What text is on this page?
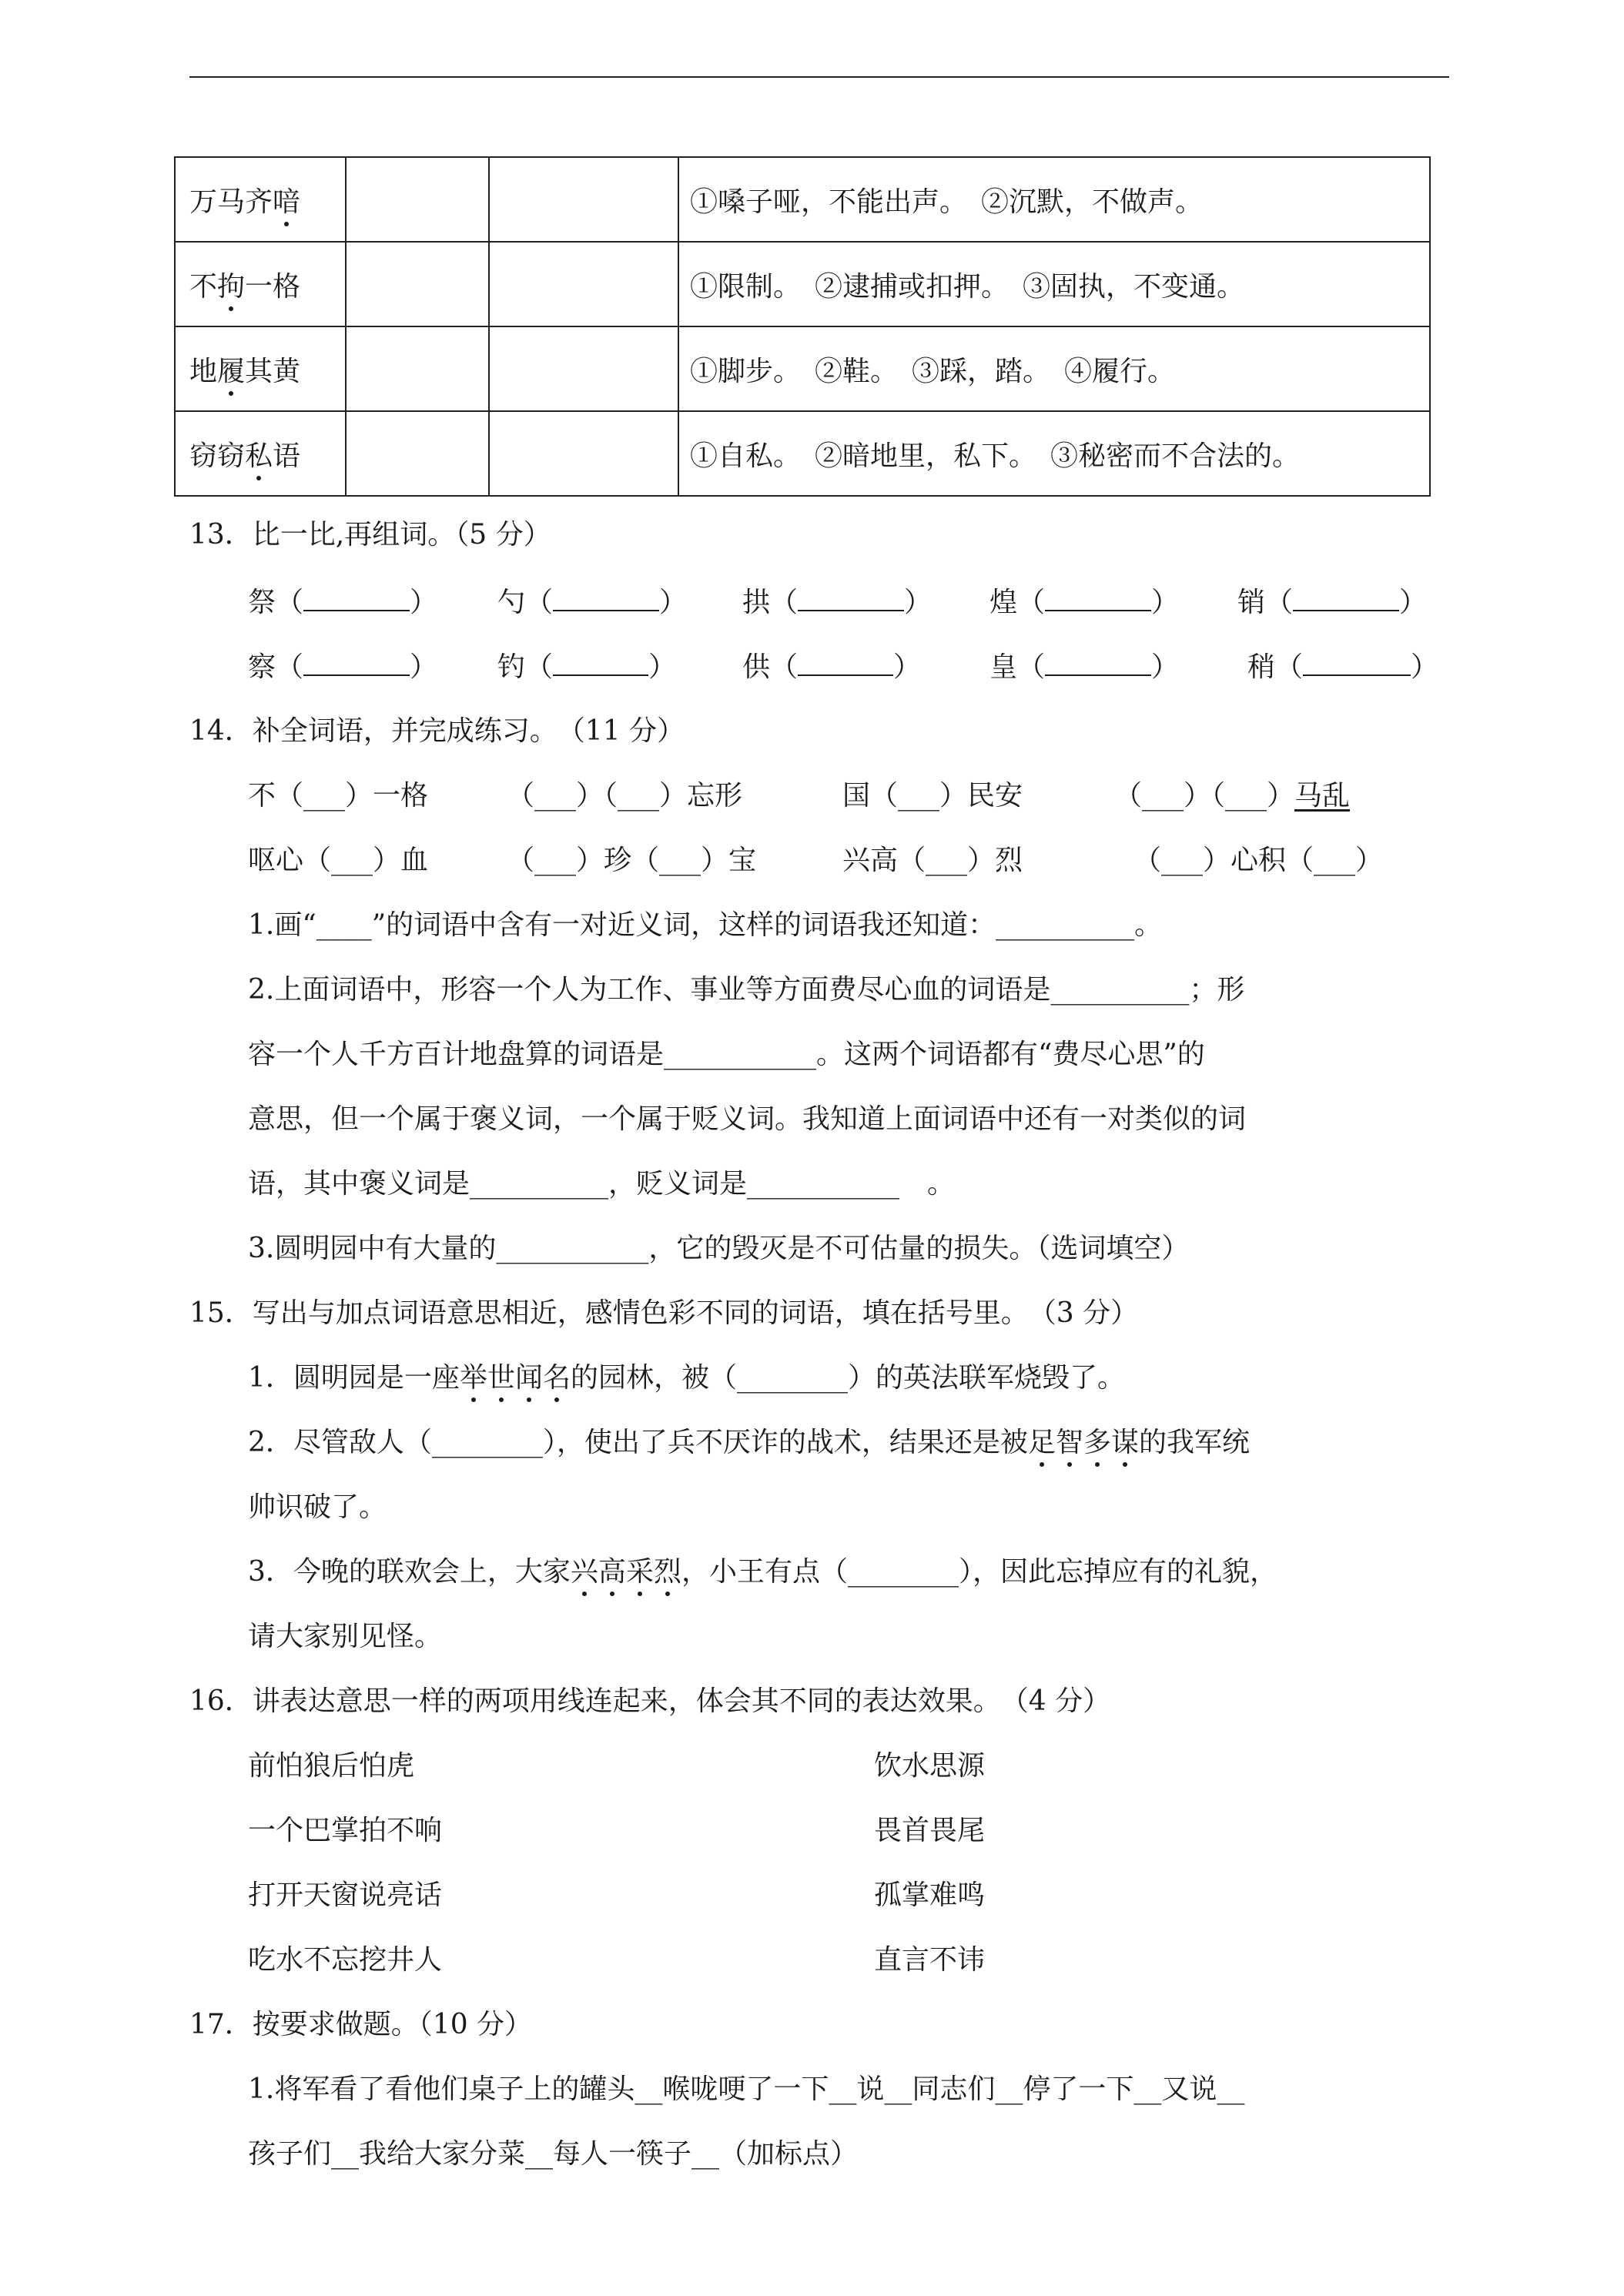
万马齐喑			①嗓子哑，不能出声。　②沉默，不做声。
不拘一格			①限制。　②逮捕或扣押。　③固执，不变通。
地履其黄			①脚步。　②鞋。　③踩，踏。　④履行。
窃窃私语			①自私。　②暗地里，私下。　③秘密而不合法的。
13．比一比,再组词。（5 分）
祭（	） 勺（	） 拱（	） 煌（	） 销（	）
察（	） 钓（	） 供（	） 皇（	） 稍（	）
14．补全词语，并完成练习。　（11 分）
不（___）一格	（___）（___）忘形	国（___）民安	（___）（___）马乱
呕心（___）血	（___）珍（___）宝	兴高（___）烈	（___）心积（___）
1.画“____”的词语中含有一对近义词，这样的词语我还知道：__________。
2.上面词语中，形容一个人为工作、事业等方面费尽心血的词语是__________；形
容一个人千方百计地盘算的词语是___________。这两个词语都有“费尽心思”的
意思，但一个属于褒义词，一个属于贬义词。我知道上面词语中还有一对类似的词
语，其中褒义词是__________，贬义词是___________　。
3.圆明园中有大量的___________，它的毁灭是不可估量的损失。（选词填空）
15．写出与加点词语意思相近，感情色彩不同的词语，填在括号里。　（3 分）
1．圆明园是一座举世闻名的园林，被（________）的英法联军烧毁了。
2．尽管敌人（________），使出了兵不厌诈的战术，结果还是被足智多谋的我军统
帅识破了。
3．今晚的联欢会上，大家兴高采烈，小王有点（________），因此忘掉应有的礼貌，
请大家别见怪。
16．讲表达意思一样的两项用线连起来，体会其不同的表达效果。　（4 分）
前怕狼后怕虎	饮水思源
一个巴掌拍不响	畏首畏尾
打开天窗说亮话	孤掌难鸣
吃水不忘挖井人	直言不讳
17．按要求做题。（10 分）
1.将军看了看他们桌子上的罐头__喉咙哽了一下__说__同志们__停了一下__又说__
孩子们__我给大家分菜__每人一筷子__（加标点）
